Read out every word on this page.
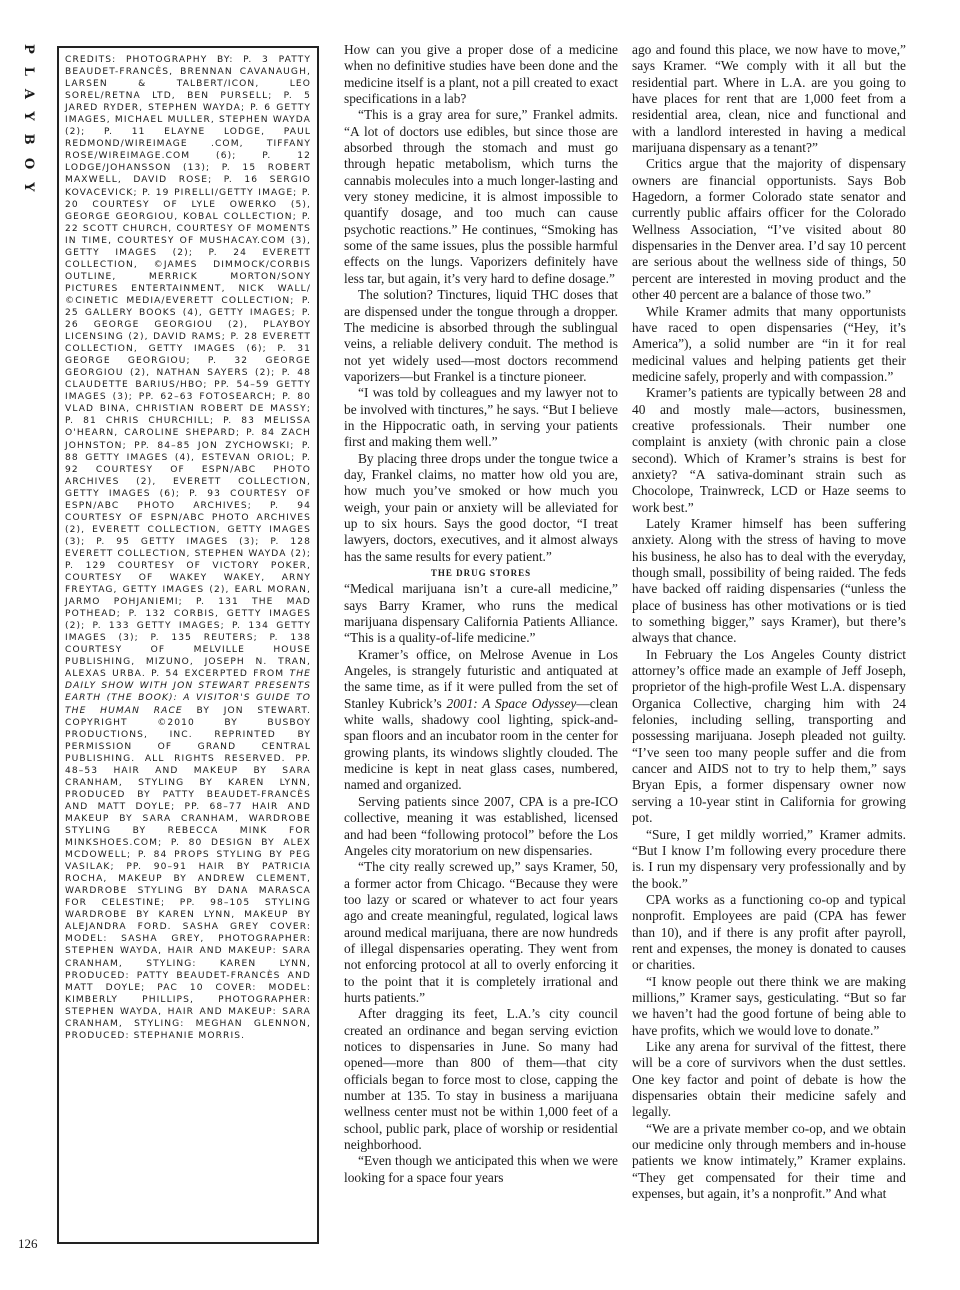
PLAYBOY
126

CREDITS: PHOTOGRAPHY BY: P. 3 PATTY BEAUDET-FRANCÈS, BRENNAN CAVANAUGH, LARSEN & TALBERT/ICON, LEO SOREL/RETNA LTD, BEN PURSELL; P. 5 JARED RYDER, STEPHEN WAYDA; P. 6 GETTY IMAGES, MICHAEL MULLER, STEPHEN WAYDA (2); P. 11 ELAYNE LODGE, PAUL REDMOND/WIREIMAGE .COM, TIFFANY ROSE/WIREIMAGE.COM (6); P. 12 LODGE/JOHANSSON (13); P. 15 ROBERT MAXWELL, DAVID ROSE; P. 16 SERGIO KOVACEVICK; P. 19 PIRELLI/GETTY IMAGE; P. 20 COURTESY OF LYLE OWERKO (5), GEORGE GEORGIOU, KOBAL COLLECTION; P. 22 SCOTT CHURCH, COURTESY OF MOMENTS IN TIME, COURTESY OF MUSHACAY.COM (3), GETTY IMAGES (2); P. 24 EVERETT COLLECTION, ©JAMES DIMMOCK/CORBIS OUTLINE, MERRICK MORTON/SONY PICTURES ENTERTAINMENT, NICK WALL/©CINETIC MEDIA/EVERETT COLLECTION; P. 25 GALLERY BOOKS (4), GETTY IMAGES; P. 26 GEORGE GEORGIOU (2), PLAYBOY LICENSING (2), DAVID RAMS; P. 28 EVERETT COLLECTION, GETTY IMAGES (6); P. 31 GEORGE GEORGIOU; P. 32 GEORGE GEORGIOU (2), NATHAN SAYERS (2); P. 48 CLAUDETTE BARIUS/HBO; PP. 54–59 GETTY IMAGES (3); PP. 62–63 FOTOSEARCH; P. 80 VLAD BINA, CHRISTIAN ROBERT DE MASSY; P. 81 CHRIS CHURCHILL; P. 83 MELISSA O'HEARN, CAROLINE SHEPARD; P. 84 ZACH JOHNSTON; PP. 84–85 JON ZYCHOWSKI; P. 88 GETTY IMAGES (4), ESTEVAN ORIOL; P. 92 COURTESY OF ESPN/ABC PHOTO ARCHIVES (2), EVERETT COLLECTION, GETTY IMAGES (6); P. 93 COURTESY OF ESPN/ABC PHOTO ARCHIVES; P. 94 COURTESY OF ESPN/ABC PHOTO ARCHIVES (2), EVERETT COLLECTION, GETTY IMAGES (3); P. 95 GETTY IMAGES (3); P. 128 EVERETT COLLECTION, STEPHEN WAYDA (2); P. 129 COURTESY OF VICTORY POKER, COURTESY OF WAKEY WAKEY, ARNY FREYTAG, GETTY IMAGES (2), EARL MORAN, JARMO POHJANIEMI; P. 131 THE MAD POTHEAD; P. 132 CORBIS, GETTY IMAGES (2); P. 133 GETTY IMAGES; P. 134 GETTY IMAGES (3); P. 135 REUTERS; P. 138 COURTESY OF MELVILLE HOUSE PUBLISHING, MIZUNO, JOSEPH N. TRAN, ALEXAS URBA. P. 54 EXCERPTED FROM THE DAILY SHOW WITH JON STEWART PRESENTS EARTH (THE BOOK): A VISITOR'S GUIDE TO THE HUMAN RACE BY JON STEWART. COPYRIGHT ©2010 BY BUSBOY PRODUCTIONS, INC. REPRINTED BY PERMISSION OF GRAND CENTRAL PUBLISHING. ALL RIGHTS RESERVED. PP. 48–53 HAIR AND MAKEUP BY SARA CRANHAM, STYLING BY KAREN LYNN, PRODUCED BY PATTY BEAUDET-FRANCÈS AND MATT DOYLE; PP. 68–77 HAIR AND MAKEUP BY SARA CRANHAM, WARDROBE STYLING BY REBECCA MINK FOR MINKSHOES.COM; P. 80 DESIGN BY ALEX MCDOWELL; P. 84 PROPS STYLING BY PEG VASILAK; PP. 90–91 HAIR BY PATRICIA ROCHA, MAKEUP BY ANDREW CLEMENT, WARDROBE STYLING BY DANA MARASCA FOR CELESTINE; PP. 98–105 STYLING WARDROBE BY KAREN LYNN, MAKEUP BY ALEJANDRA FORD. SASHA GREY COVER: MODEL: SASHA GREY, PHOTOGRAPHER: STEPHEN WAYDA, HAIR AND MAKEUP: SARA CRANHAM, STYLING: KAREN LYNN, PRODUCED: PATTY BEAUDET-FRANCÈS AND MATT DOYLE; PAC 10 COVER: MODEL: KIMBERLY PHILLIPS, PHOTOGRAPHER: STEPHEN WAYDA, HAIR AND MAKEUP: SARA CRANHAM, STYLING: MEGHAN GLENNON, PRODUCED: STEPHANIE MORRIS.

How can you give a proper dose of a medicine when no definitive studies have been done and the medicine itself is a plant, not a pill created to exact specifications in a lab?

“This is a gray area for sure,” Frankel admits. “A lot of doctors use edibles, but since those are absorbed through the stomach and must go through hepatic metabolism, which turns the cannabis molecules into a much longer-lasting and very stoney medicine, it is almost impossible to quantify dosage, and too much can cause psychotic reactions.” He continues, “Smoking has some of the same issues, plus the possible harmful effects on the lungs. Vaporizers definitely have less tar, but again, it’s very hard to define dosage.”

The solution? Tinctures, liquid THC doses that are dispensed under the tongue through a dropper. The medicine is absorbed through the sublingual veins, a reliable delivery conduit. The method is not yet widely used—most doctors recommend vaporizers—but Frankel is a tincture pioneer.

“I was told by colleagues and my lawyer not to be involved with tinctures,” he says. “But I believe in the Hippocratic oath, in serving your patients first and making them well.”

By placing three drops under the tongue twice a day, Frankel claims, no matter how old you are, how much you’ve smoked or how much you weigh, your pain or anxiety will be alleviated for up to six hours. Says the good doctor, “I treat lawyers, doctors, executives, and it almost always has the same results for every patient.”

THE DRUG STORES

“Medical marijuana isn’t a cure-all medicine,” says Barry Kramer, who runs the medical marijuana dispensary California Patients Alliance. “This is a quality-of-life medicine.”

Kramer’s office, on Melrose Avenue in Los Angeles, is strangely futuristic and antiquated at the same time, as if it were pulled from the set of Stanley Kubrick’s 2001: A Space Odyssey—clean white walls, shadowy cool lighting, spick-and-span floors and an incubator room in the center for growing plants, its windows slightly clouded. The medicine is kept in neat glass cases, numbered, named and organized.

Serving patients since 2007, CPA is a pre-ICO collective, meaning it was established, licensed and had been “following protocol” before the Los Angeles city moratorium on new dispensaries.

“The city really screwed up,” says Kramer, 50, a former actor from Chicago. “Because they were too lazy or scared or whatever to act four years ago and create meaningful, regulated, logical laws around medical marijuana, there are now hundreds of illegal dispensaries operating. They went from not enforcing protocol at all to overly enforcing it to the point that it is completely irrational and hurts patients.”

After dragging its feet, L.A.’s city council created an ordinance and began serving eviction notices to dispensaries in June. So many had opened—more than 800 of them—that city officials began to force most to close, capping the number at 135. To stay in business a marijuana wellness center must not be within 1,000 feet of a school, public park, place of worship or residential neighborhood.

“Even though we anticipated this when we were looking for a space four years

ago and found this place, we now have to move,” says Kramer. “We comply with it all but the residential part. Where in L.A. are you going to have places for rent that are 1,000 feet from a residential area, clean, nice and functional and with a landlord interested in having a medical marijuana dispensary as a tenant?”

Critics argue that the majority of dispensary owners are financial opportunists. Says Bob Hagedorn, a former Colorado state senator and currently public affairs officer for the Colorado Wellness Association, “I’ve visited about 80 dispensaries in the Denver area. I’d say 10 percent are serious about the wellness side of things, 50 percent are interested in moving product and the other 40 percent are a balance of those two.”

While Kramer admits that many opportunists have raced to open dispensaries (“Hey, it’s America”), a solid number are “in it for real medicinal values and helping patients get their medicine safely, properly and with compassion.”

Kramer’s patients are typically between 28 and 40 and mostly male—actors, businessmen, creative professionals. Their number one complaint is anxiety (with chronic pain a close second). Which of Kramer’s strains is best for anxiety? “A sativa-dominant strain such as Chocolope, Trainwreck, LCD or Haze seems to work best.”

Lately Kramer himself has been suffering anxiety. Along with the stress of having to move his business, he also has to deal with the everyday, though small, possibility of being raided. The feds have backed off raiding dispensaries (“unless the place of business has other motivations or is tied to something bigger,” says Kramer), but there’s always that chance.

In February the Los Angeles County district attorney’s office made an example of Jeff Joseph, proprietor of the high-profile West L.A. dispensary Organica Collective, charging him with 24 felonies, including selling, transporting and possessing marijuana. Joseph pleaded not guilty. “I’ve seen too many people suffer and die from cancer and AIDS not to try to help them,” says Bryan Epis, a former dispensary owner now serving a 10-year stint in California for growing pot.

“Sure, I get mildly worried,” Kramer admits. “But I know I’m following every procedure there is. I run my dispensary very professionally and by the book.”

CPA works as a functioning co-op and typical nonprofit. Employees are paid (CPA has fewer than 10), and if there is any profit after payroll, rent and expenses, the money is donated to causes or charities.

“I know people out there think we are making millions,” Kramer says, gesticulating. “But so far we haven’t had the good fortune of being able to have profits, which we would love to donate.”

Like any arena for survival of the fittest, there will be a core of survivors when the dust settles. One key factor and point of debate is how the dispensaries obtain their medicine safely and legally.

“We are a private member co-op, and we obtain our medicine only through members and in-house patients we know intimately,” Kramer explains. “They get compensated for their time and expenses, but again, it’s a nonprofit.” And what
